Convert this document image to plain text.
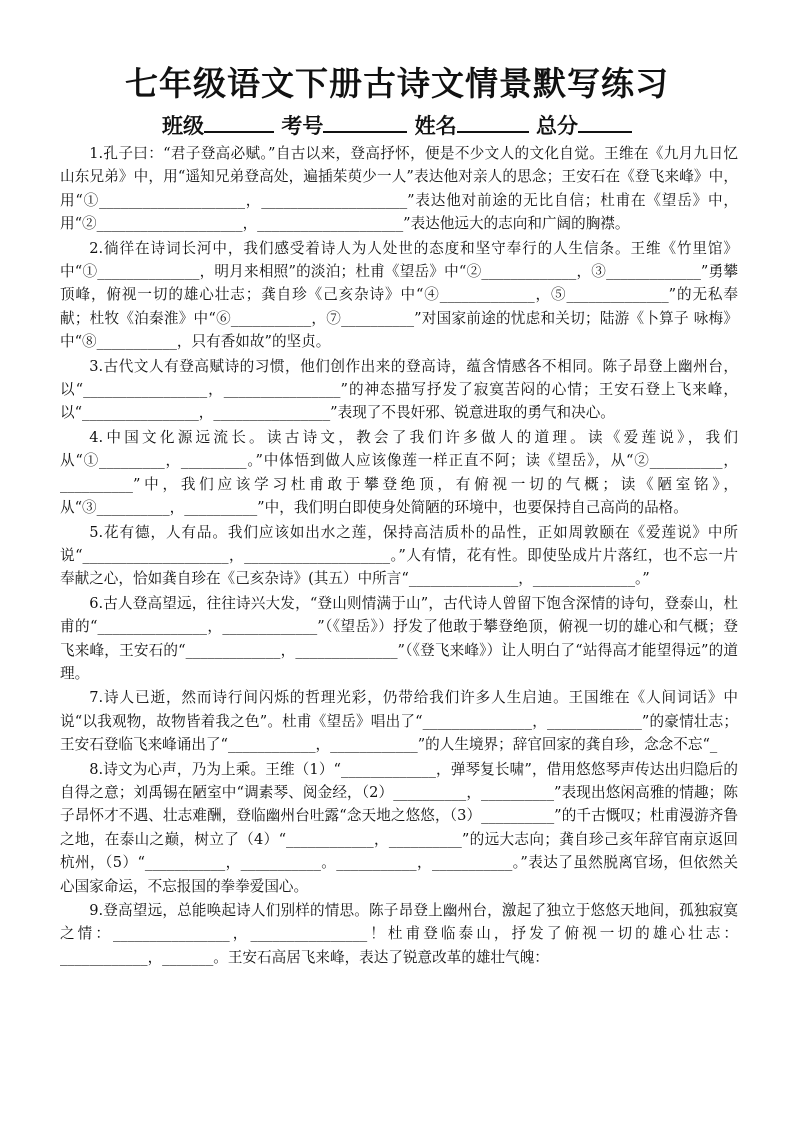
七年级语文下册古诗文情景默写练习
班级	考号	姓名	总分

1.孔子曰：“君子登高必赋。”自古以来，登高抒怀，便是不少文人的文化自觉。王维在《九月九日忆山东兄弟》中，用“遥知兄弟登高处，遍插茱萸少一人”表达他对亲人的思念；王安石在《登飞来峰》中，用“①____________________，____________________”表达他对前途的无比自信；杜甫在《望岳》中，用“②____________________，____________________”表达他远大的志向和广阔的胸襟。

2.徜徉在诗词长河中，我们感受着诗人为人处世的态度和坚守奉行的人生信条。王维《竹里馆》中“①______________，明月来相照”的淡泊；杜甫《望岳》中“②_____________，③_____________”勇攀顶峰，俯视一切的雄心壮志；龚自珍《己亥杂诗》中“④_____________，⑤______________”的无私奉献；杜牧《泊秦淮》中“⑥___________，⑦__________”对国家前途的忧虑和关切；陆游《卜算子 咏梅》中“⑧___________，只有香如故”的坚贞。

3.古代文人有登高赋诗的习惯，他们创作出来的登高诗，蕴含情感各不相同。陈子昂登上幽州台，以“_________________，________________”的神态描写抒发了寂寞苦闷的心情；王安石登上飞来峰，以“________________，________________”表现了不畏奸邪、锐意进取的勇气和决心。

4.中国文化源远流长。读古诗文，教会了我们许多做人的道理。读《爱莲说》，我们从“①_________，_________。”中体悟到做人应该像莲一样正直不阿；读《望岳》，从“②__________，__________”中，我们应该学习杜甫敢于攀登绝顶，有俯视一切的气概；读《陋室铭》，从“③__________，__________”中，我们明白即使身处简陋的环境中，也要保持自己高尚的品格。

5.花有德，人有品。我们应该如出水之莲，保持高洁质朴的品性，正如周敦颐在《爱莲说》中所说“____________________，____________________。”人有情，花有性。即使坠成片片落红，也不忘一片奉献之心，恰如龚自珍在《己亥杂诗》(其五）中所言“_______________，______________。”

6.古人登高望远，往往诗兴大发，“登山则情满于山”，古代诗人曾留下饱含深情的诗句，登泰山，杜甫的“_______________，_____________”（《望岳》）抒发了他敢于攀登绝顶，俯视一切的雄心和气概；登飞来峰，王安石的“_____________，______________”（《登飞来峰》）让人明白了“站得高才能望得远”的道理。

7.诗人已逝，然而诗行间闪烁的哲理光彩，仍带给我们许多人生启迪。王国维在《人间词话》中说“以我观物，故物皆着我之色”。杜甫《望岳》唱出了“_______________，_____________”的豪情壮志；王安石登临飞来峰诵出了“____________，____________”的人生境界；辞官回家的龚自珍，念念不忘“_

8.诗文为心声，乃为上乘。王维（1）“_____________，弹琴复长啸”，借用悠悠琴声传达出归隐后的自得之意；刘禹锡在陋室中“调素琴、阅金经，（2）__________，__________”表现出悠闲高雅的情趣；陈子昂怀才不遇、壮志难酬，登临幽州台吐露“念天地之悠悠，（3）__________”的千古慨叹；杜甫漫游齐鲁之地，在泰山之巅，树立了（4）“____________，__________”的远大志向；龚自珍己亥年辞官南京返回杭州，（5）“___________，___________。___________，___________。”表达了虽然脱离官场，但依然关心国家命运，不忘报国的拳拳爱国心。

9.登高望远，总能唤起诗人们别样的情思。陈子昂登上幽州台，激起了独立于悠悠天地间，孤独寂寞之情：________________，________________！杜甫登临泰山，抒发了俯视一切的雄心壮志： ____________，_______。王安石高居飞来峰，表达了锐意改革的雄壮气魄：
